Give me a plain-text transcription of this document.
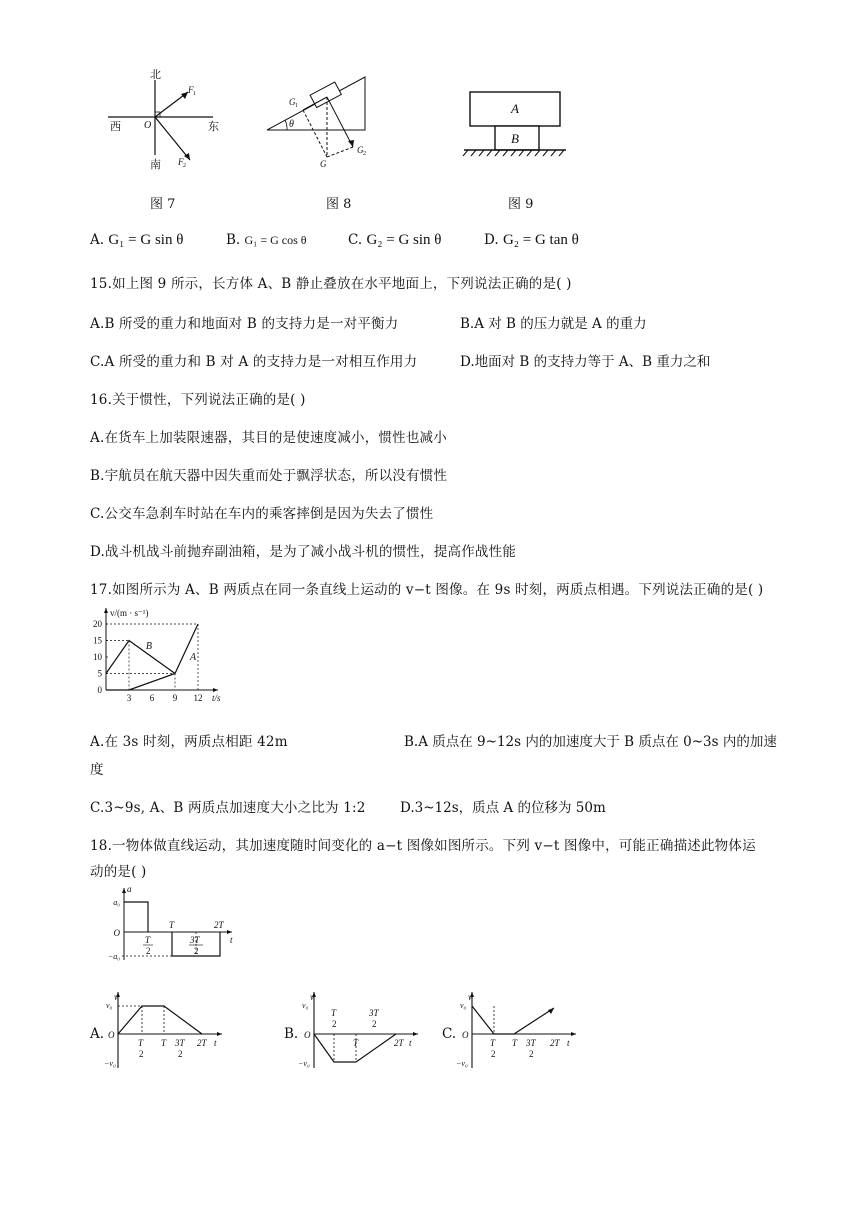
北
南
西	东
O
F 1
F 2
图 7
θ
G 1
G 2
G
图 8
A
B
图 9
A. G₁ = G sin θ	B. G₁ = G cos θ	C. G₂ = G sin θ	D. G₂ = G tan θ
15.如上图 9 所示，长方体 A、B 静止叠放在水平地面上，下列说法正确的是( )
A.B 所受的重力和地面对 B 的支持力是一对平衡力	B.A 对 B 的压力就是 A 的重力
C.A 所受的重力和 B 对 A 的支持力是一对相互作用力	D.地面对 B 的支持力等于 A、B 重力之和
16.关于惯性，下列说法正确的是( )
A.在货车上加装限速器，其目的是使速度减小，惯性也减小
B.宇航员在航天器中因失重而处于飘浮状态，所以没有惯性
C.公交车急刹车时站在车内的乘客摔倒是因为失去了惯性
D.战斗机战斗前抛弃副油箱，是为了减小战斗机的惯性，提高作战性能
17.如图所示为 A、B 两质点在同一条直线上运动的 v−t 图像。在 9s 时刻，两质点相遇。下列说法正确的是( )
v/(m · s⁻¹)
t/s
0
5
10
15
20
3 6 9 12
A
B
A.在 3s 时刻，两质点相距 42m	B.A 质点在 9~12s 内的加速度大于 B 质点在 0~3s 内的加速
度
C.3~9s, A、B 两质点加速度大小之比为 1:2	D.3~12s，质点 A 的位移为 50m
18.一物体做直线运动，其加速度随时间变化的 a−t 图像如图所示。下列 v−t 图像中，可能正确描述此物体运
动的是( )
a
a₀
O
−a₀
t
T
2
T
3T
2
2T
A.
v
v₀
O
−v₀
T
2
T 3T
2
2T t
B.
v
v₀
O
−v₀
T
2
T
3T
2
2T t
C.
v
v₀
O
−v₀
T
2
T 3T
2
2T t
